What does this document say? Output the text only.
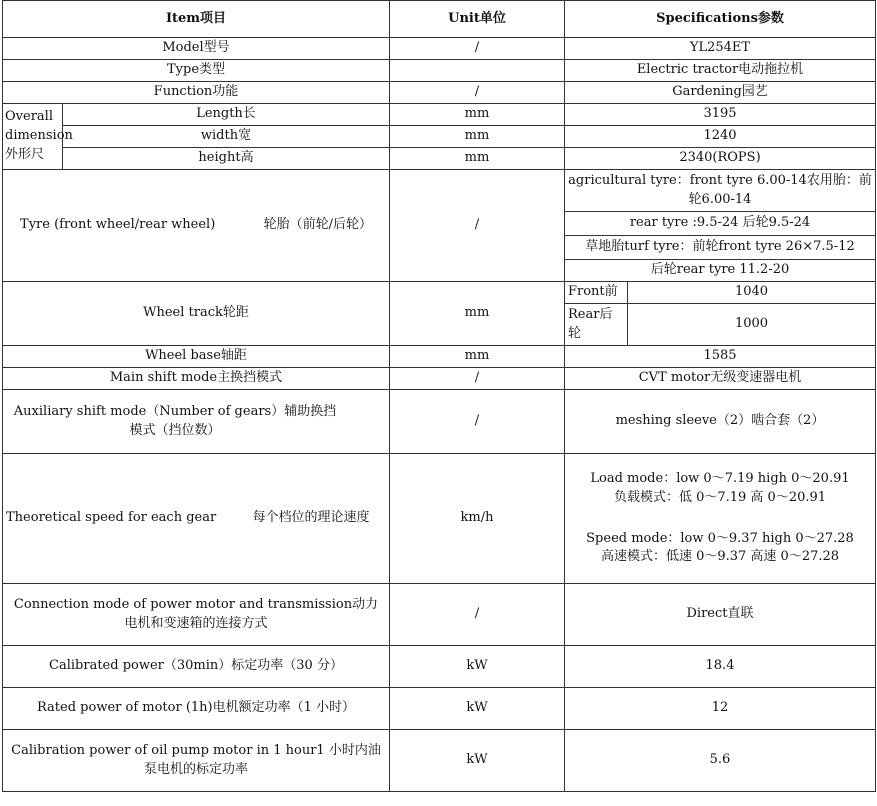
Item项目		Unit单位	Specifications参数	
Model型号		/	YL254ET	
Type类型			Electric tractor电动拖拉机	
Function功能		/	Gardening园艺	
Overall dimension外形尺	Length长	mm	3195	
	width宽	mm	1240	
	height高	mm	2340(ROPS)	
Tyre (front wheel/rear wheel) 轮胎（前轮/后轮）		/	agricultural tyre：front tyre 6.00-14农用胎：前轮6.00-14	
			rear tyre :9.5-24 后轮9.5-24	
			草地胎turf tyre：前轮front tyre 26×7.5-12	
			后轮rear tyre 11.2-20	
Wheel track轮距		mm	Front前	1040
			Rear后轮	1000
Wheel base轴距		mm	1585	
Main shift mode主换挡模式		/	CVT motor无级变速器电机	
Auxiliary shift mode（Number of gears）辅助换挡模式（挡位数）		/	meshing sleeve（2）啮合套（2）	
Theoretical speed for each gear 每个档位的理论速度		km/h	Load mode：low 0～7.19 high 0～20.91
负载模式：低 0～7.19 高 0～20.91
Speed mode：low 0～9.37 high 0～27.28
高速模式：低速 0～9.37 高速 0～27.28	

Connection mode of power motor and transmission动力电机和变速箱的连接方式		/	Direct直联	
Calibrated power（30min）标定功率（30 分）		kW	18.4	
Rated power of motor (1h)电机额定功率（1 小时）		kW	12	
Calibration power of oil pump motor in 1 hour1 小时内油泵电机的标定功率		kW	5.6	
